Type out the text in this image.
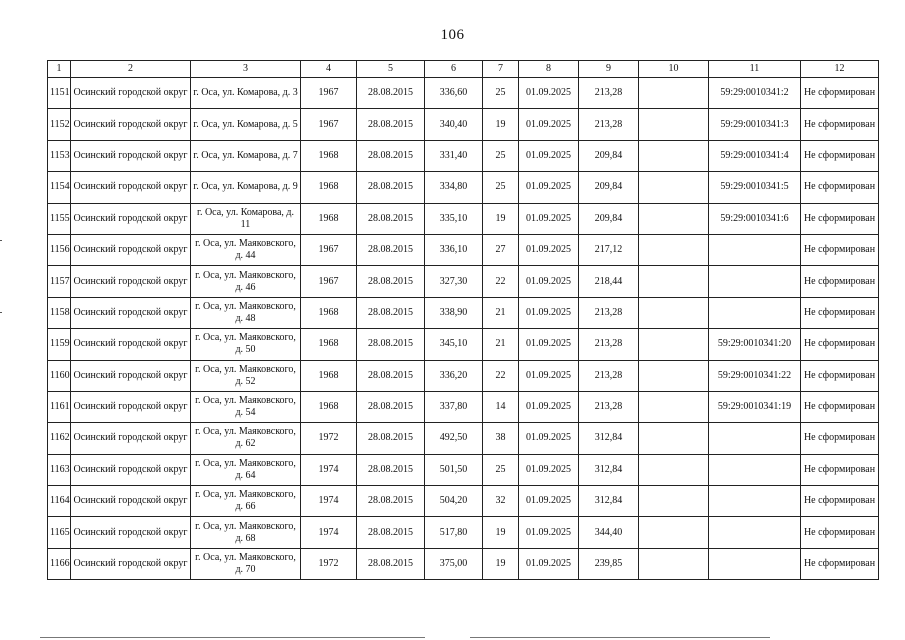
106
1	2	3	4	5	6	7	8	9	10	11	12
1151	Осинский городской округ	г. Оса, ул. Комарова, д. 3	1967	28.08.2015	336,60	25	01.09.2025	213,28		59:29:0010341:2	Не сформирован
1152	Осинский городской округ	г. Оса, ул. Комарова, д. 5	1967	28.08.2015	340,40	19	01.09.2025	213,28		59:29:0010341:3	Не сформирован
1153	Осинский городской округ	г. Оса, ул. Комарова, д. 7	1968	28.08.2015	331,40	25	01.09.2025	209,84		59:29:0010341:4	Не сформирован
1154	Осинский городской округ	г. Оса, ул. Комарова, д. 9	1968	28.08.2015	334,80	25	01.09.2025	209,84		59:29:0010341:5	Не сформирован
1155	Осинский городской округ	г. Оса, ул. Комарова, д. 11	1968	28.08.2015	335,10	19	01.09.2025	209,84		59:29:0010341:6	Не сформирован
1156	Осинский городской округ	г. Оса, ул. Маяковского, д. 44	1967	28.08.2015	336,10	27	01.09.2025	217,12			Не сформирован
1157	Осинский городской округ	г. Оса, ул. Маяковского, д. 46	1967	28.08.2015	327,30	22	01.09.2025	218,44			Не сформирован
1158	Осинский городской округ	г. Оса, ул. Маяковского, д. 48	1968	28.08.2015	338,90	21	01.09.2025	213,28			Не сформирован
1159	Осинский городской округ	г. Оса, ул. Маяковского, д. 50	1968	28.08.2015	345,10	21	01.09.2025	213,28		59:29:0010341:20	Не сформирован
1160	Осинский городской округ	г. Оса, ул. Маяковского, д. 52	1968	28.08.2015	336,20	22	01.09.2025	213,28		59:29:0010341:22	Не сформирован
1161	Осинский городской округ	г. Оса, ул. Маяковского, д. 54	1968	28.08.2015	337,80	14	01.09.2025	213,28		59:29:0010341:19	Не сформирован
1162	Осинский городской округ	г. Оса, ул. Маяковского, д. 62	1972	28.08.2015	492,50	38	01.09.2025	312,84			Не сформирован
1163	Осинский городской округ	г. Оса, ул. Маяковского, д. 64	1974	28.08.2015	501,50	25	01.09.2025	312,84			Не сформирован
1164	Осинский городской округ	г. Оса, ул. Маяковского, д. 66	1974	28.08.2015	504,20	32	01.09.2025	312,84			Не сформирован
1165	Осинский городской округ	г. Оса, ул. Маяковского, д. 68	1974	28.08.2015	517,80	19	01.09.2025	344,40			Не сформирован
1166	Осинский городской округ	г. Оса, ул. Маяковского, д. 70	1972	28.08.2015	375,00	19	01.09.2025	239,85			Не сформирован
